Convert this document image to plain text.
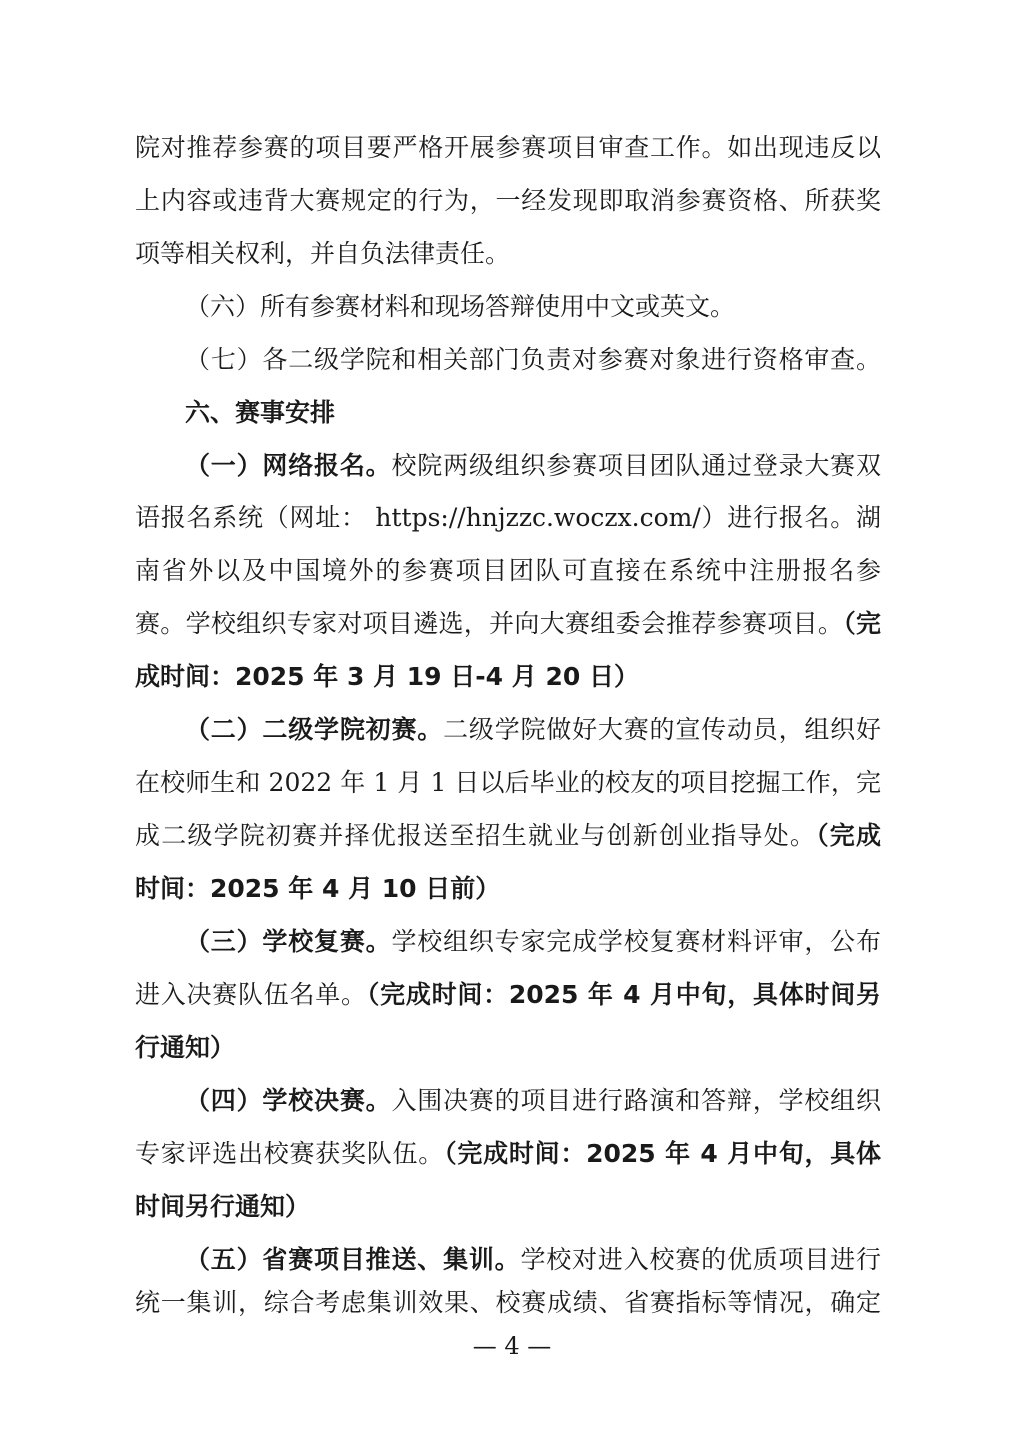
院对推荐参赛的项目要严格开展参赛项目审查工作。如出现违反以
上内容或违背大赛规定的行为，一经发现即取消参赛资格、所获奖
项等相关权利，并自负法律责任。
（六）所有参赛材料和现场答辩使用中文或英文。
（七）各二级学院和相关部门负责对参赛对象进行资格审查。
六、赛事安排
（一）网络报名。校院两级组织参赛项目团队通过登录大赛双
语报名系统（网址： https://hnjzzc.woczx.com/）进行报名。湖
南省外以及中国境外的参赛项目团队可直接在系统中注册报名参
赛。学校组织专家对项目遴选，并向大赛组委会推荐参赛项目。（完
成时间：2025 年 3 月 19 日-4 月 20 日）
（二）二级学院初赛。二级学院做好大赛的宣传动员，组织好
在校师生和 2022 年 1 月 1 日以后毕业的校友的项目挖掘工作，完
成二级学院初赛并择优报送至招生就业与创新创业指导处。（完成
时间：2025 年 4 月 10 日前）
（三）学校复赛。学校组织专家完成学校复赛材料评审，公布
进入决赛队伍名单。（完成时间：2025 年 4 月中旬，具体时间另
行通知）
（四）学校决赛。入围决赛的项目进行路演和答辩，学校组织
专家评选出校赛获奖队伍。（完成时间：2025 年 4 月中旬，具体
时间另行通知）
（五）省赛项目推送、集训。学校对进入校赛的优质项目进行
统一集训，综合考虑集训效果、校赛成绩、省赛指标等情况，确定
— 4 —
